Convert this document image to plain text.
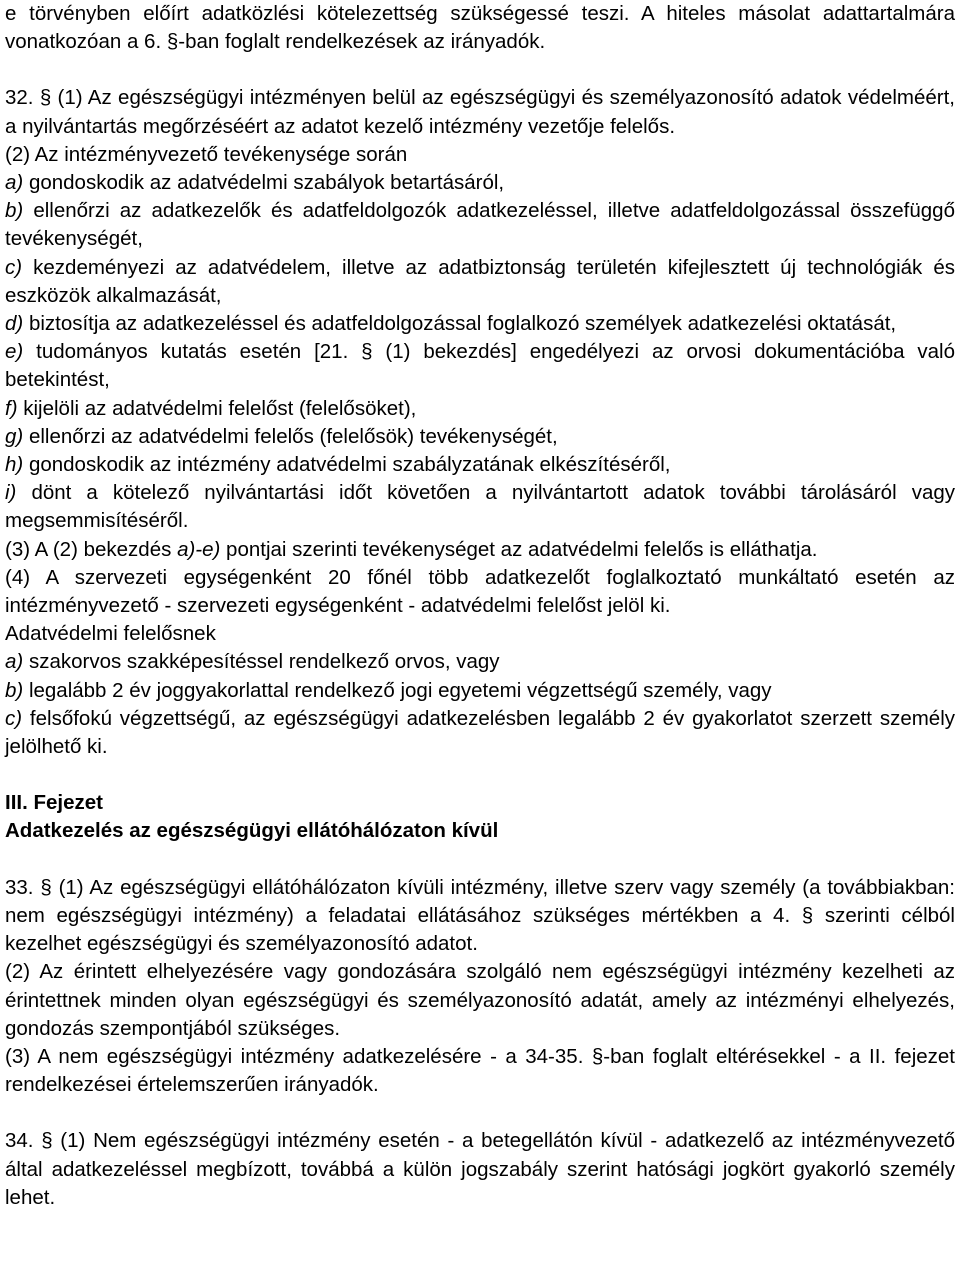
e törvényben előírt adatközlési kötelezettség szükségessé teszi. A hiteles másolat adattartalmára vonatkozóan a 6. §-ban foglalt rendelkezések az irányadók.

32. § (1) Az egészségügyi intézményen belül az egészségügyi és személyazonosító adatok védelméért, a nyilvántartás megőrzéséért az adatot kezelő intézmény vezetője felelős.

(2) Az intézményvezető tevékenysége során

a) gondoskodik az adatvédelmi szabályok betartásáról,

b) ellenőrzi az adatkezelők és adatfeldolgozók adatkezeléssel, illetve adatfeldolgozással összefüggő tevékenységét,

c) kezdeményezi az adatvédelem, illetve az adatbiztonság területén kifejlesztett új technológiák és eszközök alkalmazását,

d) biztosítja az adatkezeléssel és adatfeldolgozással foglalkozó személyek adatkezelési oktatását,

e) tudományos kutatás esetén [21. § (1) bekezdés] engedélyezi az orvosi dokumentációba való betekintést,

f) kijelöli az adatvédelmi felelőst (felelősöket),

g) ellenőrzi az adatvédelmi felelős (felelősök) tevékenységét,

h) gondoskodik az intézmény adatvédelmi szabályzatának elkészítéséről,

i) dönt a kötelező nyilvántartási időt követően a nyilvántartott adatok további tárolásáról vagy megsemmisítéséről.

(3) A (2) bekezdés a)-e) pontjai szerinti tevékenységet az adatvédelmi felelős is elláthatja.

(4) A szervezeti egységenként 20 főnél több adatkezelőt foglalkoztató munkáltató esetén az intézményvezető - szervezeti egységenként - adatvédelmi felelőst jelöl ki.

Adatvédelmi felelősnek

a) szakorvos szakképesítéssel rendelkező orvos, vagy

b) legalább 2 év joggyakorlattal rendelkező jogi egyetemi végzettségű személy, vagy

c) felsőfokú végzettségű, az egészségügyi adatkezelésben legalább 2 év gyakorlatot szerzett személy jelölhető ki.

III. Fejezet

Adatkezelés az egészségügyi ellátóhálózaton kívül

33. § (1) Az egészségügyi ellátóhálózaton kívüli intézmény, illetve szerv vagy személy (a továbbiakban: nem egészségügyi intézmény) a feladatai ellátásához szükséges mértékben a 4. § szerinti célból kezelhet egészségügyi és személyazonosító adatot.

(2) Az érintett elhelyezésére vagy gondozására szolgáló nem egészségügyi intézmény kezelheti az érintettnek minden olyan egészségügyi és személyazonosító adatát, amely az intézményi elhelyezés, gondozás szempontjából szükséges.

(3) A nem egészségügyi intézmény adatkezelésére - a 34-35. §-ban foglalt eltérésekkel - a II. fejezet rendelkezései értelemszerűen irányadók.

34. § (1) Nem egészségügyi intézmény esetén - a betegellátón kívül - adatkezelő az intézményvezető által adatkezeléssel megbízott, továbbá a külön jogszabály szerint hatósági jogkört gyakorló személy lehet.
